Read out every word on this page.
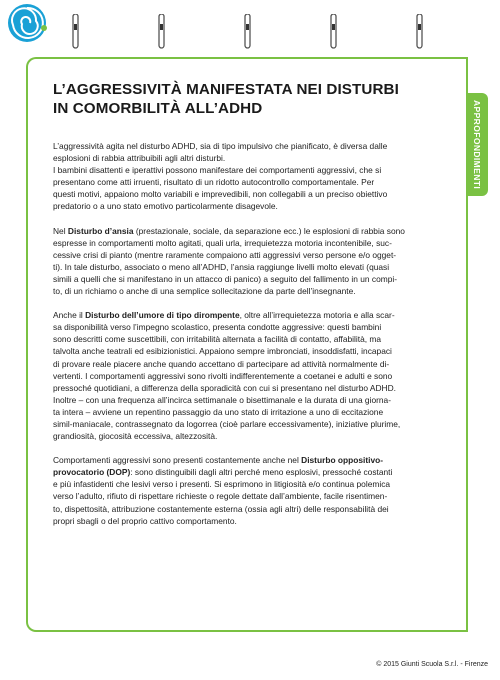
APPROFONDIMENTI
L’AGGRESSIVITÀ MANIFESTATA NEI DISTURBI
IN COMORBILITÀ ALL’ADHD
L’aggressività agita nel disturbo ADHD, sia di tipo impulsivo che pianificato, è diversa dalle
esplosioni di rabbia attribuibili agli altri disturbi.
I bambini disattenti e iperattivi possono manifestare dei comportamenti aggressivi, che si
presentano come atti irruenti, risultato di un ridotto autocontrollo comportamentale. Per
questi motivi, appaiono molto variabili e imprevedibili, non collegabili a un preciso obiettivo
predatorio o a uno stato emotivo particolarmente disagevole.
Nel Disturbo d’ansia (prestazionale, sociale, da separazione ecc.) le esplosioni di rabbia sono
espresse in comportamenti molto agitati, quali urla, irrequietezza motoria incontenibile, suc-
cessive crisi di pianto (mentre raramente compaiono atti aggressivi verso persone e/o ogget-
ti). In tale disturbo, associato o meno all’ADHD, l’ansia raggiunge livelli molto elevati (quasi
simili a quelli che si manifestano in un attacco di panico) a seguito del fallimento in un compi-
to, di un richiamo o anche di una semplice sollecitazione da parte dell’insegnante.
Anche il Disturbo dell’umore di tipo dirompente, oltre all’irrequietezza motoria e alla scar-
sa disponibilità verso l’impegno scolastico, presenta condotte aggressive: questi bambini
sono descritti come suscettibili, con irritabilità alternata a facilità di contatto, affabilità, ma
talvolta anche teatrali ed esibizionistici. Appaiono sempre imbronciati, insoddisfatti, incapaci
di provare reale piacere anche quando accettano di partecipare ad attività normalmente di-
vertenti. I comportamenti aggressivi sono rivolti indifferentemente a coetanei e adulti e sono
pressoché quotidiani, a differenza della sporadicità con cui si presentano nel disturbo ADHD.
Inoltre – con una frequenza all’incirca settimanale o bisettimanale e la durata di una giorna-
ta intera – avviene un repentino passaggio da uno stato di irritazione a uno di eccitazione
simil-maniacale, contrassegnato da logorrea (cioè parlare eccessivamente), iniziative plurime,
grandiosità, giocosità eccessiva, altezzosità.
Comportamenti aggressivi sono presenti costantemente anche nel Disturbo oppositivo-
provocatorio (DOP): sono distinguibili dagli altri perché meno esplosivi, pressoché costanti
e più infastidenti che lesivi verso i presenti. Si esprimono in litigiosità e/o continua polemica
verso l’adulto, rifiuto di rispettare richieste o regole dettate dall’ambiente, facile risentimen-
to, dispettosità, attribuzione costantemente esterna (ossia agli altri) delle responsabilità dei
propri sbagli o del proprio cattivo comportamento.
© 2015 Giunti Scuola S.r.l. - Firenze
